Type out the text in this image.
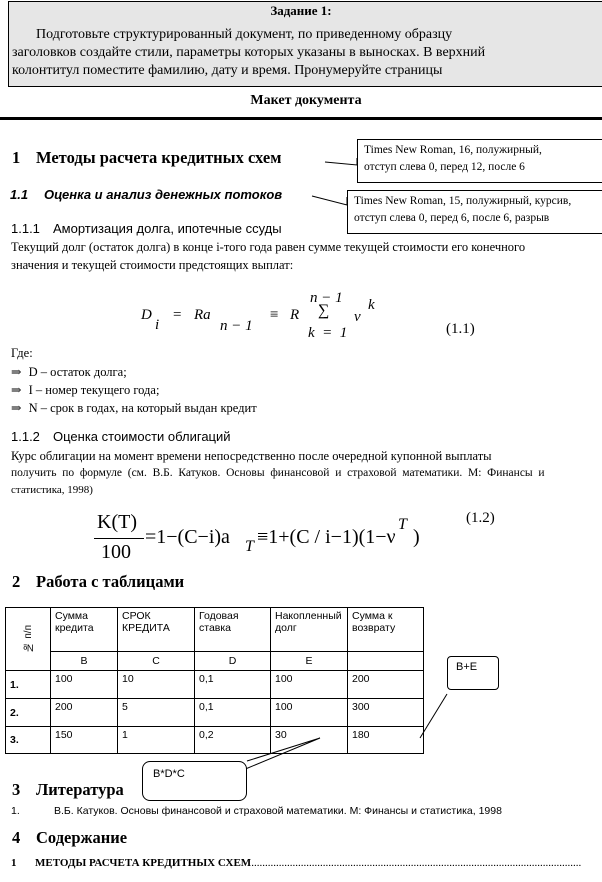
Задание 1:
Подготовьте структурированный документ, по приведенному образцу
заголовков создайте стили, параметры которых указаны в выносках. В верхний
колонтитул поместите фамилию, дату и время. Пронумеруйте страницы
Макет документа
1 Методы расчета кредитных схем	Times New Roman, 16, полужирный,
отступ слева 0, перед 12, после 6
1.1 Оценка и анализ денежных потоков	Times New Roman, 15, полужирный, курсив,
отступ слева 0, перед 6, после 6, разрыв
1.1.1 Амортизация долга, ипотечные ссуды
Текущий долг (остаток долга) в конце i-того года равен сумме текущей стоимости его конечного
значения и текущей стоимости предстоящих выплат:
D
i
= Ra
n − 1
≡ R
n − 1
∑
k  =  1
ν
k
(1.1)
Где:
⇒ D – остаток долга;
⇒ I – номер текущего года;
⇒ N – срок в годах, на который выдан кредит
1.1.2 Оценка стоимости облигаций
Курс облигации на момент времени непосредственно после очередной купонной выплаты
получить  по  формуле  (см.  В.Б.  Катуков.  Основы  финансовой  и  страховой  математики.  М:  Финансы  и
статистика, 1998)
K(T)
100
=1−(C−i)a T ≡1+(C / i−1)(1−ν
T
)
(1.2)
2 Работа с таблицами
№ п/п	Сумма кредита	СРОК КРЕДИТА	Годовая ставка	Накопленный долг	Сумма к возврату
	B	C	D	E	
1.	100	10	0,1	100	200
2.	200	5	0,1	100	300
3.	150	1	0,2	30	180
B+E
B*D*C
3 Литература
1.	В.Б. Катуков. Основы финансовой и страховой математики. М: Финансы и статистика, 1998
4 Содержание
1 МЕТОДЫ РАСЧЕТА КРЕДИТНЫХ СХЕМ........................................................................................................................
